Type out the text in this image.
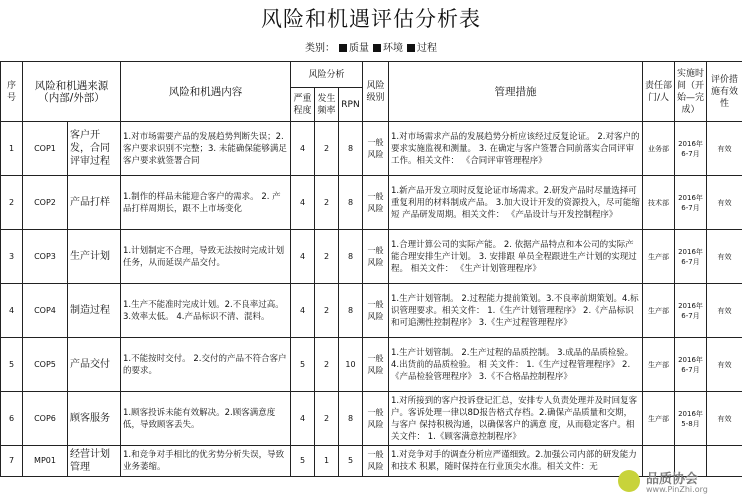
风险和机遇评估分析表
类别： 质量 环境 过程
序号	风险和机遇来源（内部/外部）		风险和机遇内容	风险分析			风险级别	管理措施	责任部门/人	实施时间（开始—完成）	评价措施有效性
				严重程度	发生频率	RPN					
1	COP1	客户开发，合同评审过程	1.对市场需要产品的发展趋势判断失误；2. 客户要求识别不完整；3. 未能确保能够满足客户要求就签署合同	4	2	8	一般风险	1.对市场需求产品的发展趋势分析应该经过反复论证。 2.对客户的要求实施监视和测量。 3. 在确定与客户签署合同前落实合同评审工作。相关文件： 《合同评审管理程序》	业务部	2016年6-7月	有效
2	COP2	产品打样	1.制作的样品未能迎合客户的需求。 2. 产品打样周期长，跟不上市场变化	4	2	8	一般风险	1.新产品开发立项时反复论证市场需求。2.研发产品时尽量选择可重复利用的材料制成产品。 3.加大设计开发的资源投入，尽可能缩短 产品研发周期。相关文件： 《产品设计与开发控制程序》	技术部	2016年6-7月	有效
3	COP3	生产计划	1.计划制定不合理，导致无法按时完成计划任务，从而延误产品交付。	4	2	8	一般风险	1.合理计算公司的实际产能。 2. 依据产品特点和本公司的实际产能合理安排生产计划。 3. 安排跟 单员全程跟进生产计划的实现过程。 相关文件： 《生产计划管理程序》	生产部	2016年6-7月	有效
4	COP4	制造过程	1.生产不能准时完成计划。2.不良率过高。3.效率太低。 4.产品标识不清、混料。	4	2	8	一般风险	1.生产计划管制。 2.过程能力提前策划。3.不良率前期策划。4.标识管理要求。相关文件： 1.《生产计划管理程序》 2.《产品标识和可追溯性控制程序》 3.《生产过程管理程序》	生产部	2016年6-7月	有效
5	COP5	产品交付	1.不能按时交付。 2.交付的产品不符合客户的要求。	5	2	10	一般风险	1.生产计划管制。 2.生产过程的品质控制。 3.成品的品质检验。 4.出货前的品质检验。 相 关文件： 1.《生产过程管理程序》 2.《产品检验管理程序》 3.《不合格品控制程序》	生产部	2016年6-7月	有效
6	COP6	顾客服务	1.顾客投诉未能有效解决。2.顾客满意度低，导致顾客丢失。	4	2	8	一般风险	1.对所接到的客户投诉登记汇总，安排专人负责处理并及时回复客户。客诉处理一律以8D报告格式存档。2.确保产品质量和交期，与客户 保持积极沟通，以确保客户的满意 度，从而稳定客户。相关文件： 1.《顾客满意控制程序》	生产部	2016年5-8月	有效
7	MP01	经营计划管理	1.和竞争对手相比的优劣势分析失误，导致业务萎缩。	5	1	5	一般风险	1.对竞争对手的调查分析应严谨细致。2.加强公司内部的研发能力和技术 积累，随时保持在行业顶尖水准。相关文件：无			
品质协会
www.PinZhi.org
